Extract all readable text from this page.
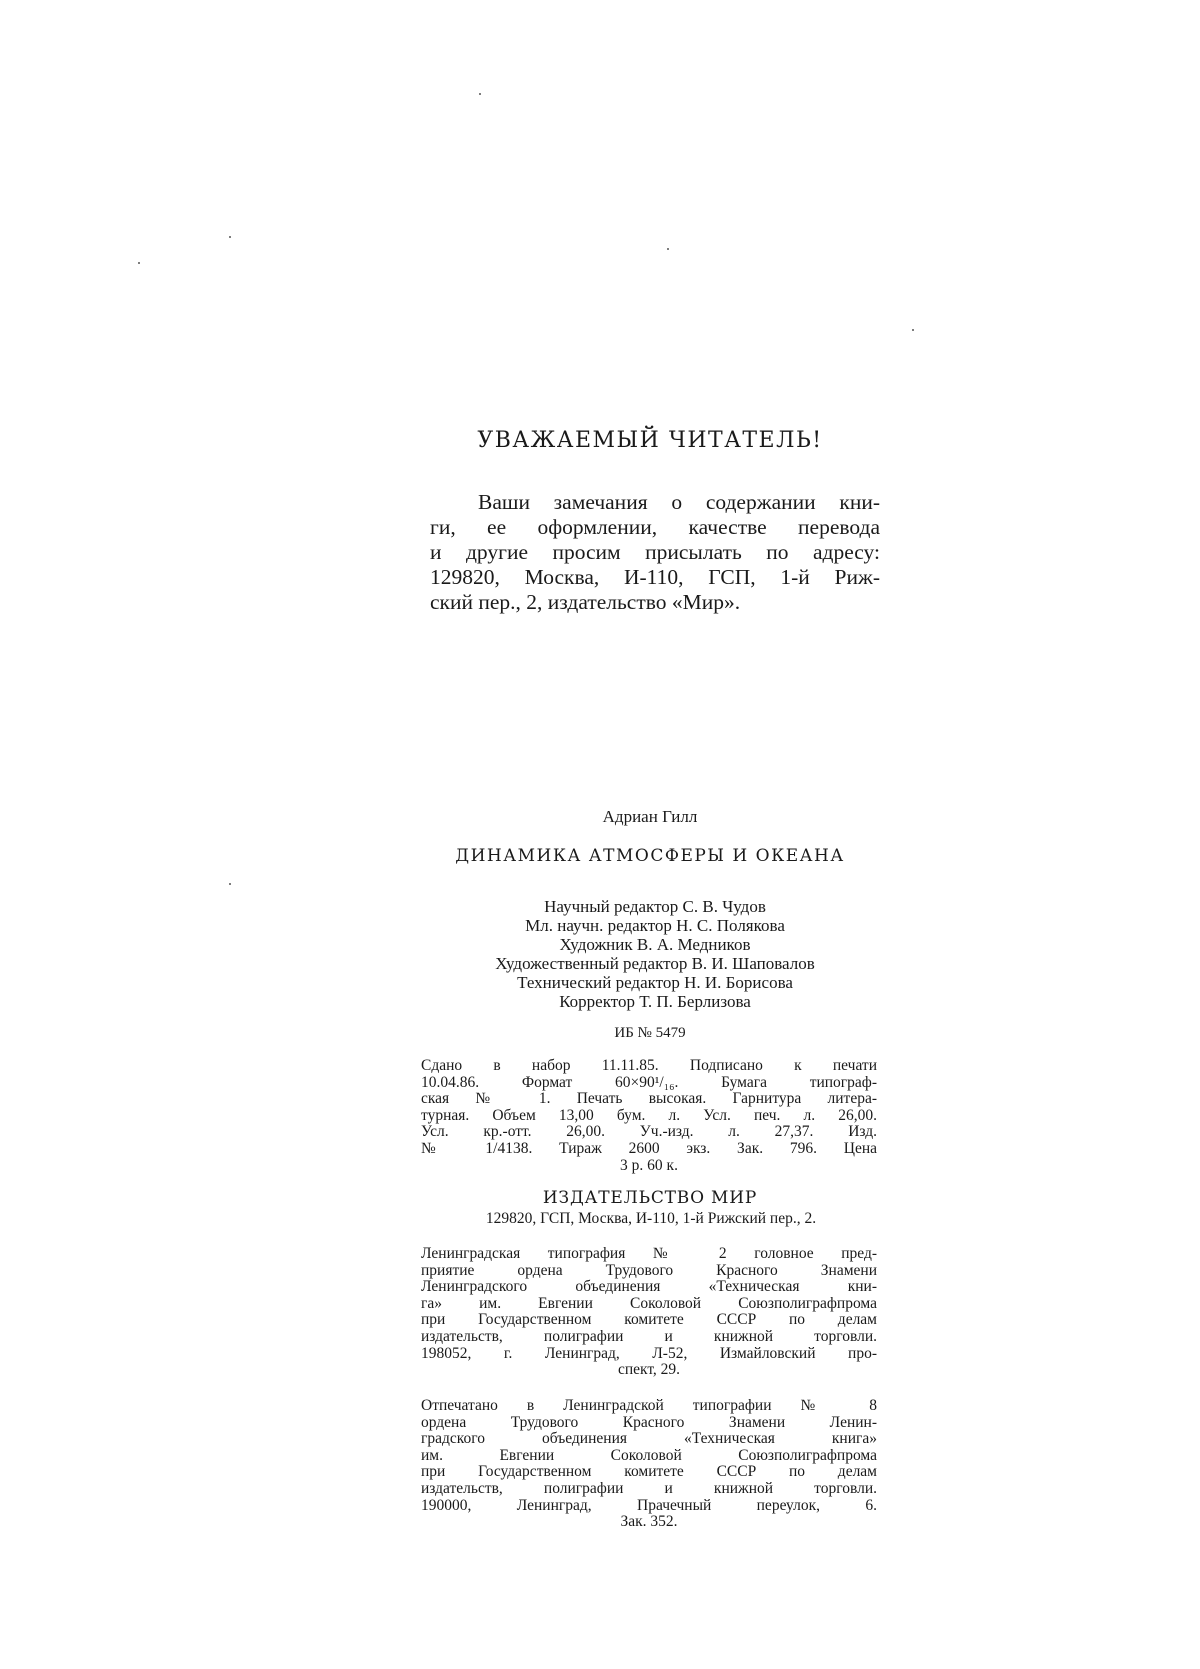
УВАЖАЕМЫЙ ЧИТАТЕЛЬ!
Ваши замечания о содержании кни-
ги, ее оформлении, качестве перевода
и другие просим присылать по адресу:
129820, Москва, И-110, ГСП, 1-й Риж-
ский пер., 2, издательство «Мир».
Адриан Гилл
ДИНАМИКА АТМОСФЕРЫ И ОКЕАНА
Научный редактор С. В. Чудов
Мл. научн. редактор Н. С. Полякова
Художник В. А. Медников
Художественный редактор В. И. Шаповалов
Технический редактор Н. И. Борисова
Корректор Т. П. Берлизова
ИБ № 5479
Сдано в набор 11.11.85. Подписано к печати
10.04.86. Формат 60×90¹/₁₆. Бумага типограф-
ская № 1. Печать высокая. Гарнитура литера-
турная. Объем 13,00 бум. л. Усл. печ. л. 26,00.
Усл. кр.-отт. 26,00. Уч.-изд. л. 27,37. Изд.
№ 1/4138. Тираж 2600 экз. Зак. 796. Цена
3 р. 60 к.
ИЗДАТЕЛЬСТВО МИР
129820, ГСП, Москва, И-110, 1-й Рижский пер., 2.
Ленинградская типография № 2 головное пред-
приятие ордена Трудового Красного Знамени
Ленинградского объединения «Техническая кни-
га» им. Евгении Соколовой Союзполиграфпрома
при Государственном комитете СССР по делам
издательств, полиграфии и книжной торговли.
198052, г. Ленинград, Л-52, Измайловский про-
спект, 29.
Отпечатано в Ленинградской типографии № 8
ордена Трудового Красного Знамени Ленин-
градского объединения «Техническая книга»
им. Евгении Соколовой Союзполиграфпрома
при Государственном комитете СССР по делам
издательств, полиграфии и книжной торговли.
190000, Ленинград, Прачечный переулок, 6.
Зак. 352.
